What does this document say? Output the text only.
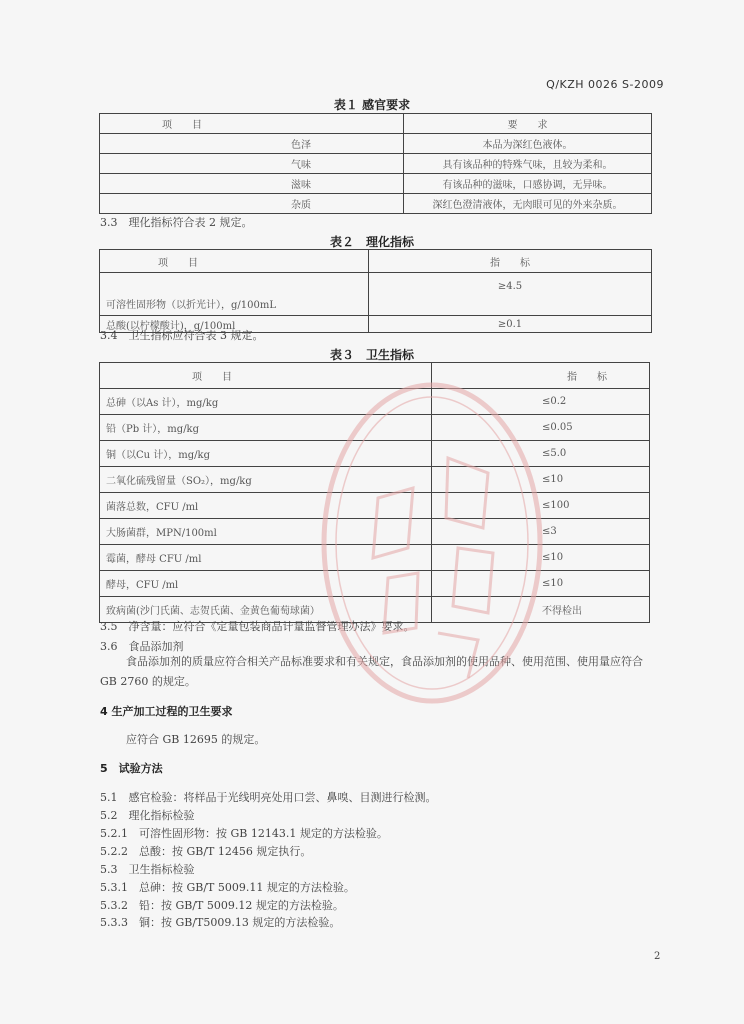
Q/KZH 0026 S-2009
表１ 感官要求
项　　目	要　　求
色泽	本品为深红色液体。
气味	具有该品种的特殊气味，且较为柔和。
滋味	有该品种的滋味，口感协调，无异味。
杂质	深红色澄清液体，无肉眼可见的外来杂质。
3.3　理化指标符合表 2 规定。
表２　理化指标
项　　目	指　　标
可溶性固形物（以折光计），g/100mL	≥4.5
总酸(以柠檬酸计)，g/100ml	≥0.1
3.4　卫生指标应符合表 3 规定。
表３　卫生指标
项　　目	指　　标
总砷（以As 计），mg/kg	≤0.2
铅（Pb 计），mg/kg	≤0.05
铜（以Cu 计），mg/kg	≤5.0
二氧化硫残留量（SO₂），mg/kg	≤10
菌落总数，CFU /ml	≤100
大肠菌群，MPN/100ml	≤3
霉菌，酵母 CFU /ml	≤10
酵母，CFU /ml	≤10
致病菌(沙门氏菌、志贺氏菌、金黄色葡萄球菌）	不得检出
3.5　净含量：应符合《定量包装商品计量监督管理办法》要求。
3.6　食品添加剂
食品添加剂的质量应符合相关产品标准要求和有关规定，食品添加剂的使用品种、使用范围、使用量应符合 GB 2760 的规定。
4 生产加工过程的卫生要求
应符合 GB 12695 的规定。
5　试验方法
5.1　感官检验：将样品于光线明亮处用口尝、鼻嗅、目测进行检测。
5.2　理化指标检验
5.2.1　可溶性固形物：按 GB 12143.1 规定的方法检验。
5.2.2　总酸：按 GB/T 12456 规定执行。
5.3　卫生指标检验
5.3.1　总砷：按 GB/T 5009.11 规定的方法检验。
5.3.2　铅：按 GB/T 5009.12 规定的方法检验。
5.3.3　铜：按 GB/T5009.13 规定的方法检验。
2
